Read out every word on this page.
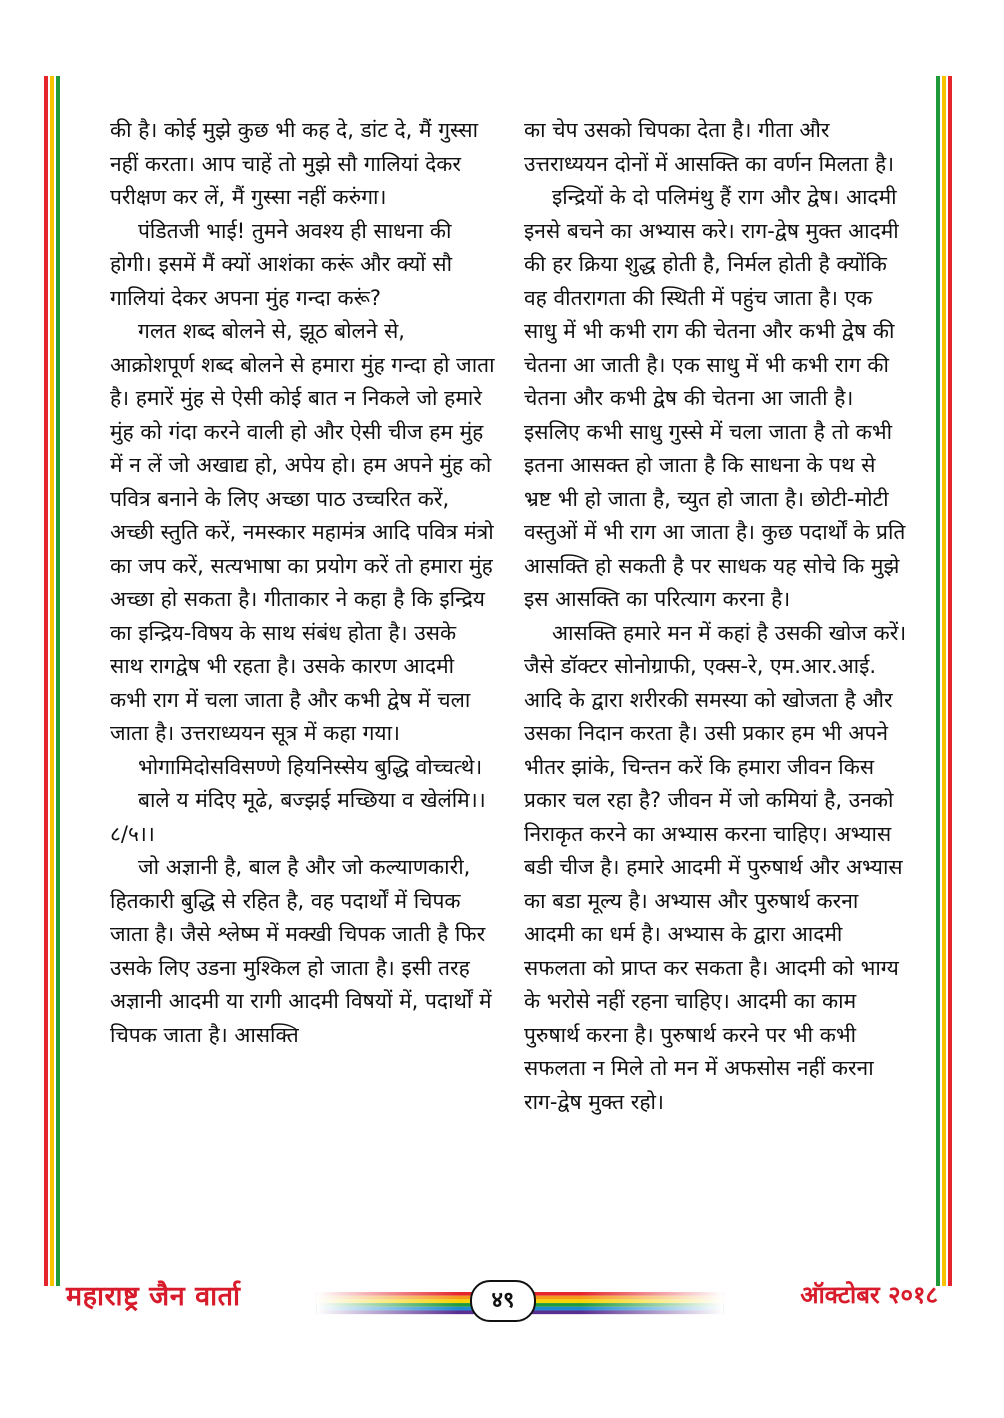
की है। कोई मुझे कुछ भी कह दे, डांट दे, मैं गुस्सा नहीं करता। आप चाहें तो मुझे सौ गालियां देकर परीक्षण कर लें, मैं गुस्सा नहीं करुंगा।

पंडितजी भाई! तुमने अवश्य ही साधना की होगी। इसमें मैं क्यों आशंका करूं और क्यों सौ गालियां देकर अपना मुंह गन्दा करूं?

गलत शब्द बोलने से, झूठ बोलने से, आक्रोशपूर्ण शब्द बोलने से हमारा मुंह गन्दा हो जाता है। हमारें मुंह से ऐसी कोई बात न निकले जो हमारे मुंह को गंदा करने वाली हो और ऐसी चीज हम मुंह में न लें जो अखाद्य हो, अपेय हो। हम अपने मुंह को पवित्र बनाने के लिए अच्छा पाठ उच्चरित करें, अच्छी स्तुति करें, नमस्कार महामंत्र आदि पवित्र मंत्रो का जप करें, सत्यभाषा का प्रयोग करें तो हमारा मुंह अच्छा हो सकता है। गीताकार ने कहा है कि इन्द्रिय का इन्द्रिय-विषय के साथ संबंध होता है। उसके साथ रागद्वेष भी रहता है। उसके कारण आदमी कभी राग में चला जाता है और कभी द्वेष में चला जाता है। उत्तराध्ययन सूत्र में कहा गया।

भोगामिदोसविसण्णे हियनिस्सेय बुद्धि वोच्चत्थे।

बाले य मंदिए मूढे, बज्झई मच्छिया व खेलंमि।।८/५।।

जो अज्ञानी है, बाल है और जो कल्याणकारी, हितकारी बुद्धि से रहित है, वह पदार्थों में चिपक जाता है। जैसे श्लेष्म में मक्खी चिपक जाती है फिर उसके लिए उडना मुश्किल हो जाता है। इसी तरह अज्ञानी आदमी या रागी आदमी विषयों में, पदार्थों में चिपक जाता है। आसक्ति

का चेप उसको चिपका देता है। गीता और उत्तराध्ययन दोनों में आसक्ति का वर्णन मिलता है।

इन्द्रियों के दो पलिमंथु हैं राग और द्वेष। आदमी इनसे बचने का अभ्यास करे। राग-द्वेष मुक्त आदमी की हर क्रिया शुद्ध होती है, निर्मल होती है क्योंकि वह वीतरागता की स्थिती में पहुंच जाता है। एक साधु में भी कभी राग की चेतना और कभी द्वेष की चेतना आ जाती है। एक साधु में भी कभी राग की चेतना और कभी द्वेष की चेतना आ जाती है। इसलिए कभी साधु गुस्से में चला जाता है तो कभी इतना आसक्त हो जाता है कि साधना के पथ से भ्रष्ट भी हो जाता है, च्युत हो जाता है। छोटी-मोटी वस्तुओं में भी राग आ जाता है। कुछ पदार्थों के प्रति आसक्ति हो सकती है पर साधक यह सोचे कि मुझे इस आसक्ति का परित्याग करना है।

आसक्ति हमारे मन में कहां है उसकी खोज करें। जैसे डॉक्टर सोनोग्राफी, एक्स-रे, एम.आर.आई. आदि के द्वारा शरीरकी समस्या को खोजता है और उसका निदान करता है। उसी प्रकार हम भी अपने भीतर झांके, चिन्तन करें कि हमारा जीवन किस प्रकार चल रहा है? जीवन में जो कमियां है, उनको निराकृत करने का अभ्यास करना चाहिए। अभ्यास बडी चीज है। हमारे आदमी में पुरुषार्थ और अभ्यास का बडा मूल्य है। अभ्यास और पुरुषार्थ करना आदमी का धर्म है। अभ्यास के द्वारा आदमी सफलता को प्राप्त कर सकता है। आदमी को भाग्य के भरोसे नहीं रहना चाहिए। आदमी का काम पुरुषार्थ करना है। पुरुषार्थ करने पर भी कभी सफलता न मिले तो मन में अफसोस नहीं करना राग-द्वेष मुक्त रहो।

महाराष्ट्र जैन वार्ता	४९	ऑक्टोबर २०१८
